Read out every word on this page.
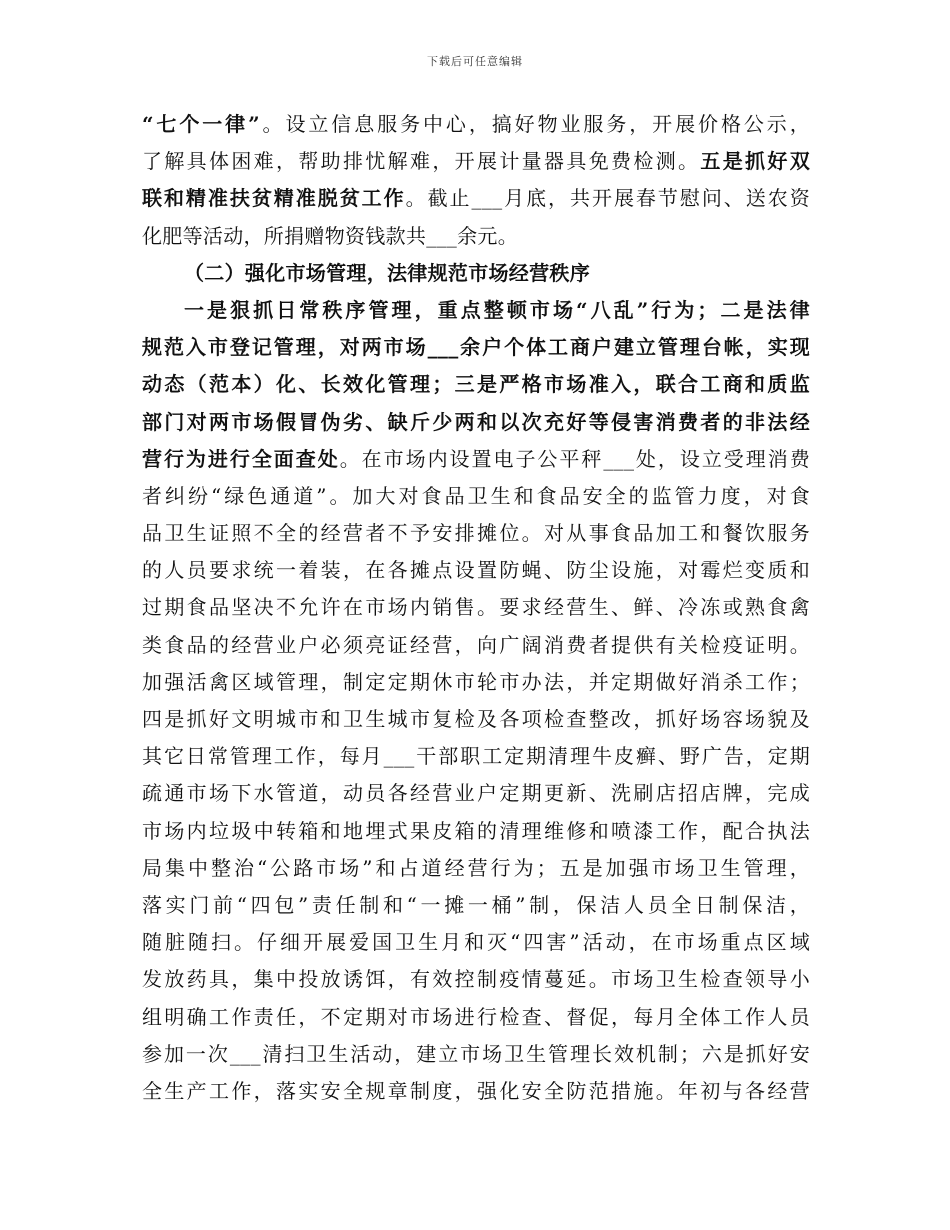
下载后可任意编辑
“七个一律”。设立信息服务中心，搞好物业服务，开展价格公示，
了解具体困难，帮助排忧解难，开展计量器具免费检测。五是抓好双
联和精准扶贫精准脱贫工作。截止___月底，共开展春节慰问、送农资
化肥等活动，所捐赠物资钱款共___余元。
（二）强化市场管理，法律规范市场经营秩序
一是狠抓日常秩序管理，重点整顿市场“八乱”行为；二是法律
规范入市登记管理，对两市场___余户个体工商户建立管理台帐，实现
动态（范本）化、长效化管理；三是严格市场准入，联合工商和质监
部门对两市场假冒伪劣、缺斤少两和以次充好等侵害消费者的非法经
营行为进行全面查处。在市场内设置电子公平秤___处，设立受理消费
者纠纷“绿色通道”。加大对食品卫生和食品安全的监管力度，对食
品卫生证照不全的经营者不予安排摊位。对从事食品加工和餐饮服务
的人员要求统一着装，在各摊点设置防蝇、防尘设施，对霉烂变质和
过期食品坚决不允许在市场内销售。要求经营生、鲜、冷冻或熟食禽
类食品的经营业户必须亮证经营，向广阔消费者提供有关检疫证明。
加强活禽区域管理，制定定期休市轮市办法，并定期做好消杀工作；
四是抓好文明城市和卫生城市复检及各项检查整改，抓好场容场貌及
其它日常管理工作，每月___干部职工定期清理牛皮癣、野广告，定期
疏通市场下水管道，动员各经营业户定期更新、洗刷店招店牌，完成
市场内垃圾中转箱和地埋式果皮箱的清理维修和喷漆工作，配合执法
局集中整治“公路市场”和占道经营行为；五是加强市场卫生管理，
落实门前“四包”责任制和“一摊一桶”制，保洁人员全日制保洁，
随脏随扫。仔细开展爱国卫生月和灭“四害”活动，在市场重点区域
发放药具，集中投放诱饵，有效控制疫情蔓延。市场卫生检查领导小
组明确工作责任，不定期对市场进行检查、督促，每月全体工作人员
参加一次___清扫卫生活动，建立市场卫生管理长效机制；六是抓好安
全生产工作，落实安全规章制度，强化安全防范措施。年初与各经营
